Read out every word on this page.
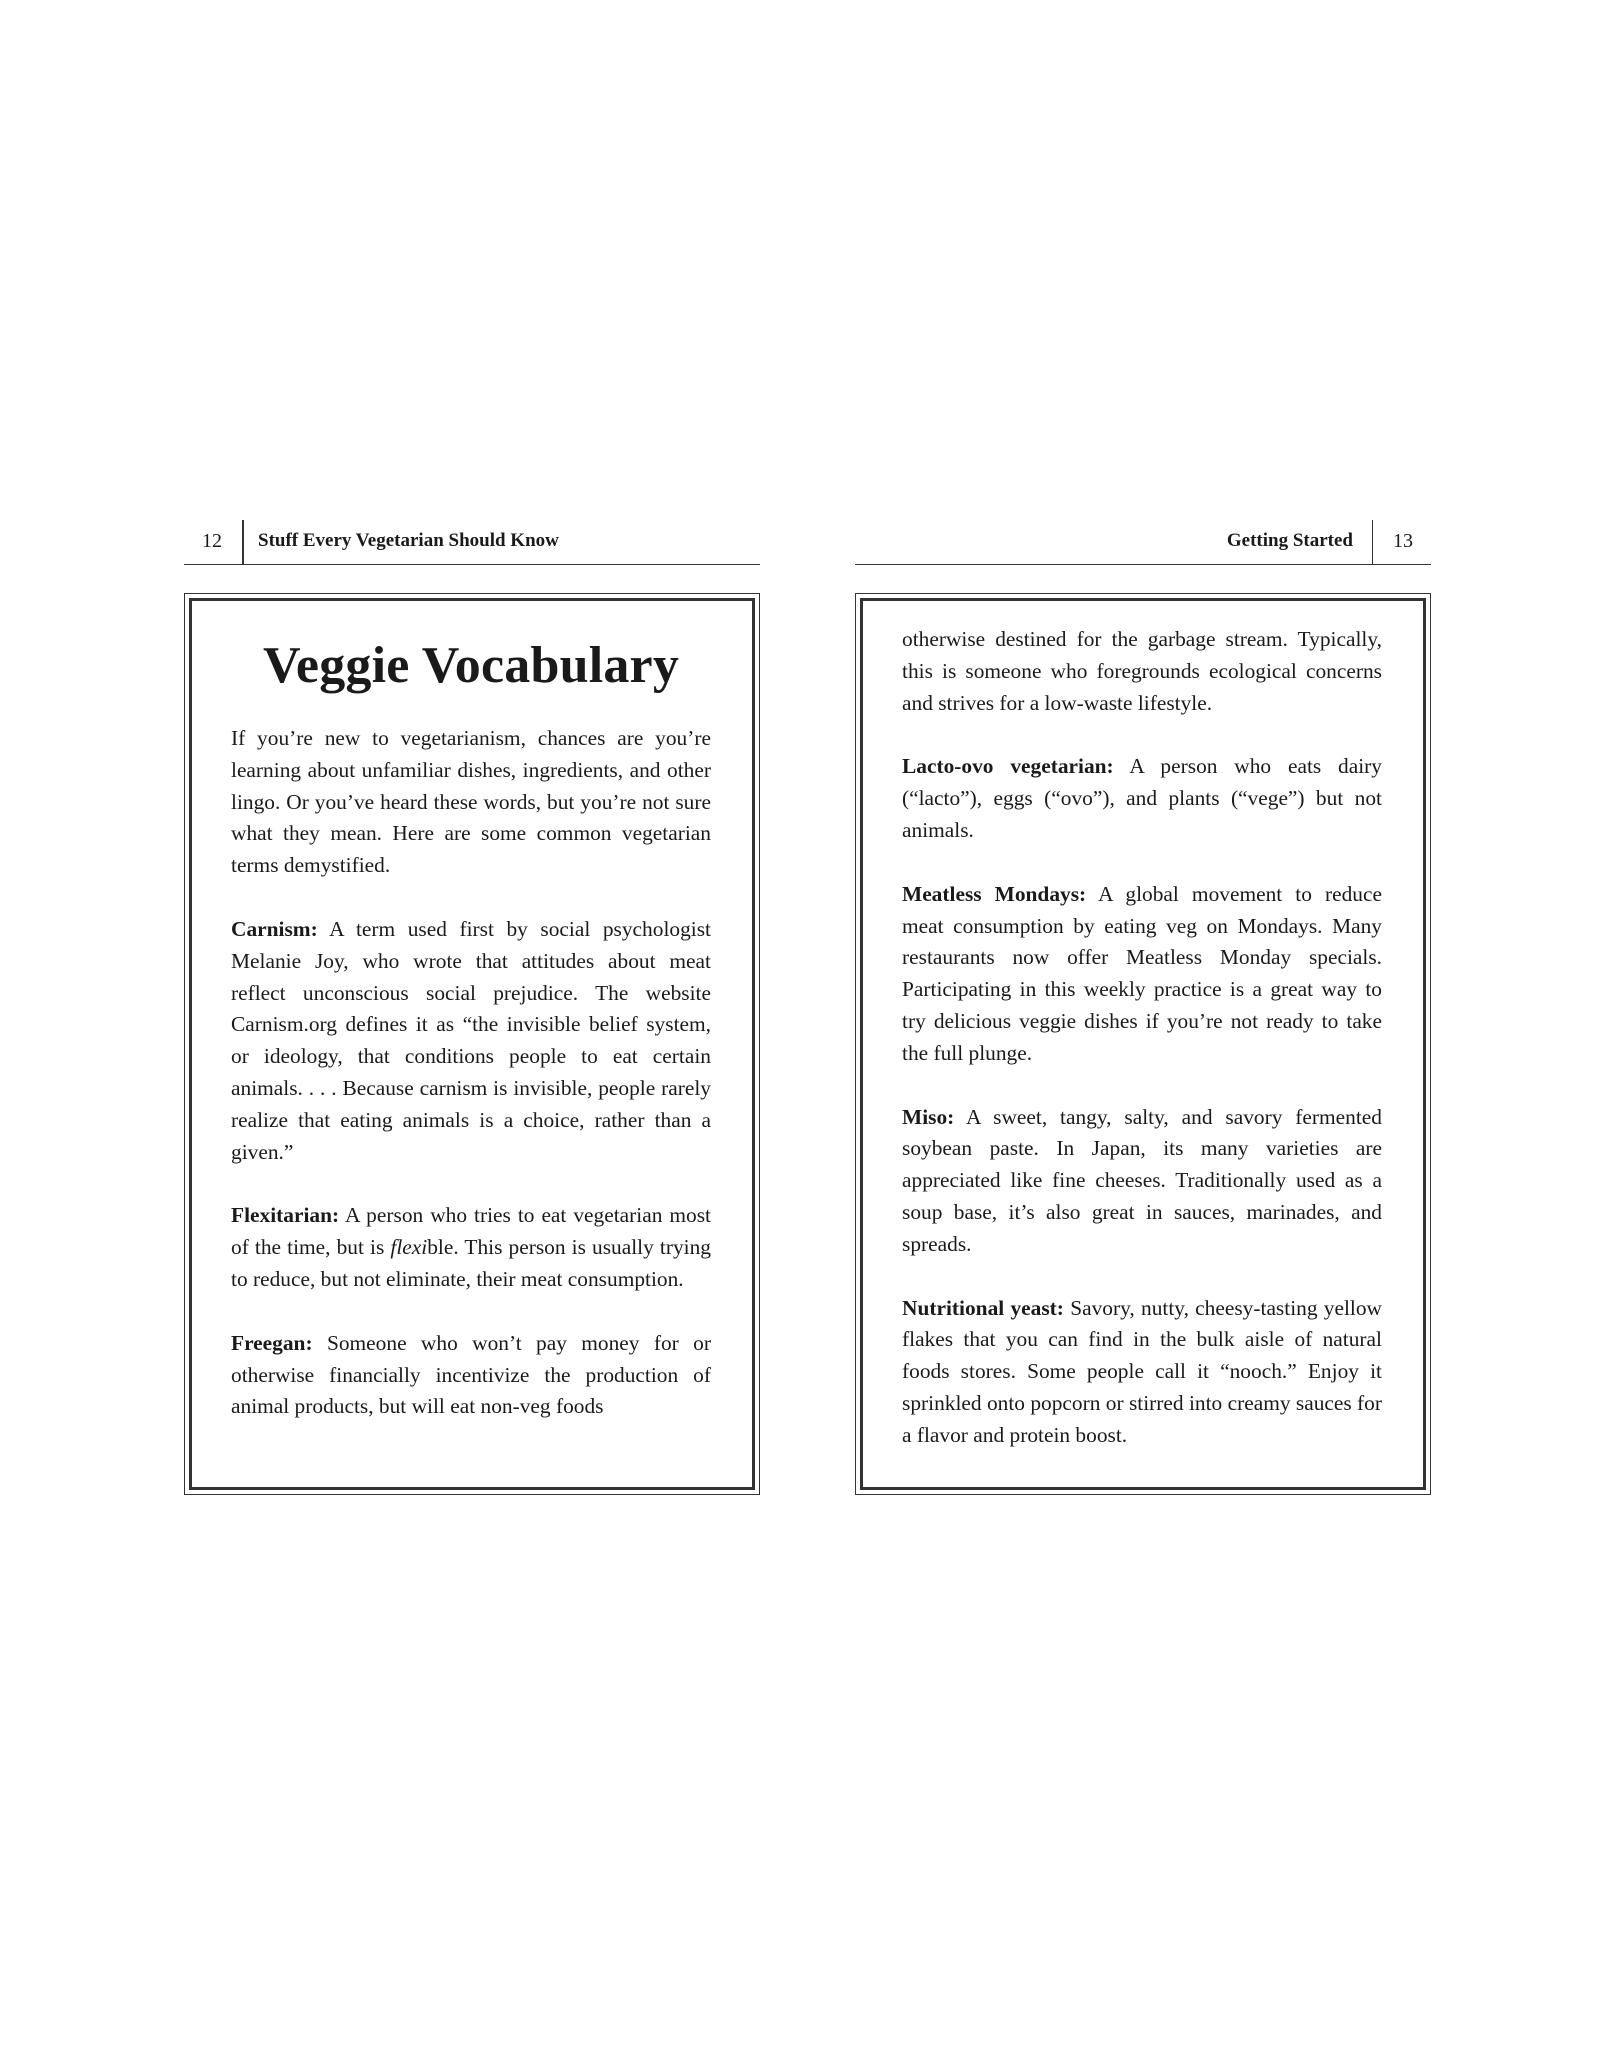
12 Stuff Every Vegetarian Should Know
Veggie Vocabulary

If you’re new to vegetarianism, chances are you’re learning about unfamiliar dishes, ingredients, and other lingo. Or you’ve heard these words, but you’re not sure what they mean. Here are some common vegetarian terms demystified.

Carnism: A term used first by social psychologist Melanie Joy, who wrote that attitudes about meat reflect unconscious social prejudice. The website Carnism.org defines it as “the invisible belief system, or ideology, that conditions people to eat certain animals. . . . Because carnism is invisible, people rarely realize that eating animals is a choice, rather than a given.”

Flexitarian: A person who tries to eat vegetarian most of the time, but is flexible. This person is usually trying to reduce, but not eliminate, their meat consumption.

Freegan: Someone who won’t pay money for or otherwise financially incentivize the production of animal products, but will eat non-veg foods

Getting Started 13

otherwise destined for the garbage stream. Typically, this is someone who foregrounds ecological concerns and strives for a low-waste lifestyle.

Lacto-ovo vegetarian: A person who eats dairy (“lacto”), eggs (“ovo”), and plants (“vege”) but not animals.

Meatless Mondays: A global movement to reduce meat consumption by eating veg on Mondays. Many restaurants now offer Meatless Monday specials. Participating in this weekly practice is a great way to try delicious veggie dishes if you’re not ready to take the full plunge.

Miso: A sweet, tangy, salty, and savory fermented soybean paste. In Japan, its many varieties are appreciated like fine cheeses. Traditionally used as a soup base, it’s also great in sauces, marinades, and spreads.

Nutritional yeast: Savory, nutty, cheesy-tasting yellow flakes that you can find in the bulk aisle of natural foods stores. Some people call it “nooch.” Enjoy it sprinkled onto popcorn or stirred into creamy sauces for a flavor and protein boost.
